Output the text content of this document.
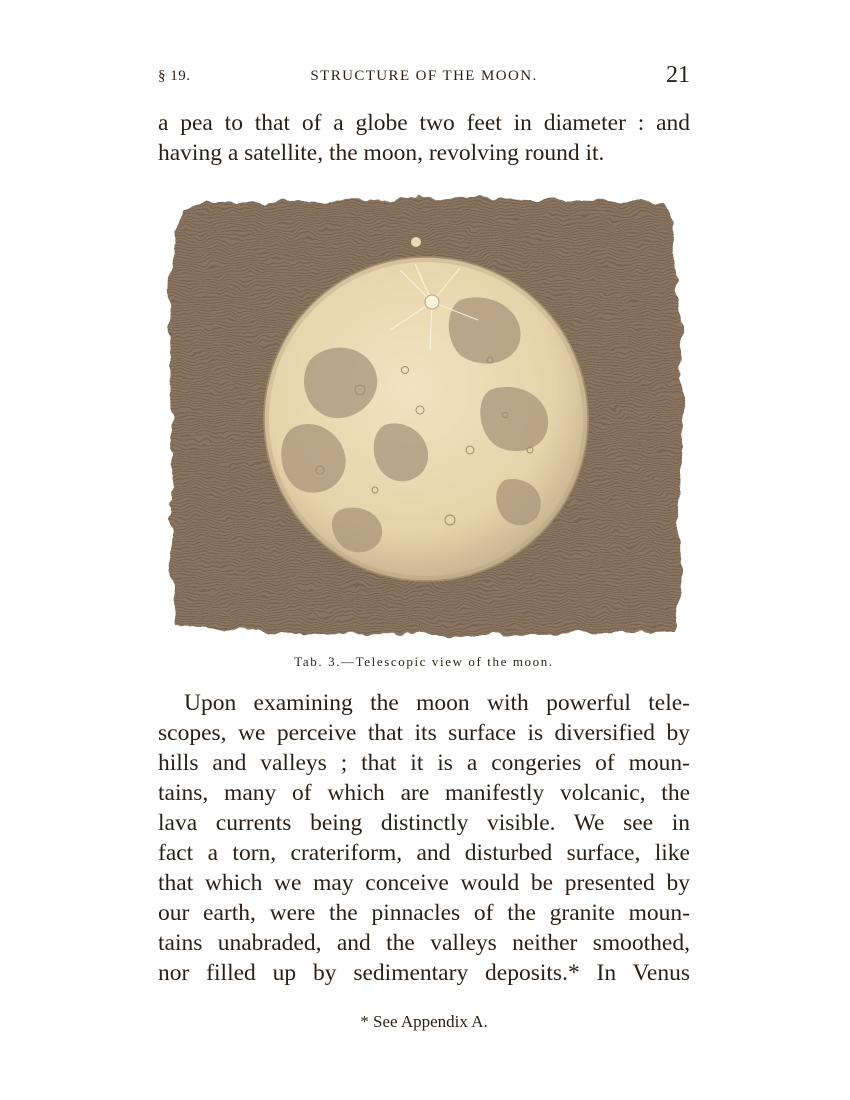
§ 19.	STRUCTURE OF THE MOON.	21

a pea to that of a globe two feet in diameter : and
having a satellite, the moon, revolving round it.

Tab. 3.—Telescopic view of the moon.

Upon examining the moon with powerful tele-
scopes, we perceive that its surface is diversified by
hills and valleys ; that it is a congeries of moun-
tains, many of which are manifestly volcanic, the
lava currents being distinctly visible. We see in
fact a torn, crateriform, and disturbed surface, like
that which we may conceive would be presented by
our earth, were the pinnacles of the granite moun-
tains unabraded, and the valleys neither smoothed,
nor filled up by sedimentary deposits.* In Venus

* See Appendix A.
